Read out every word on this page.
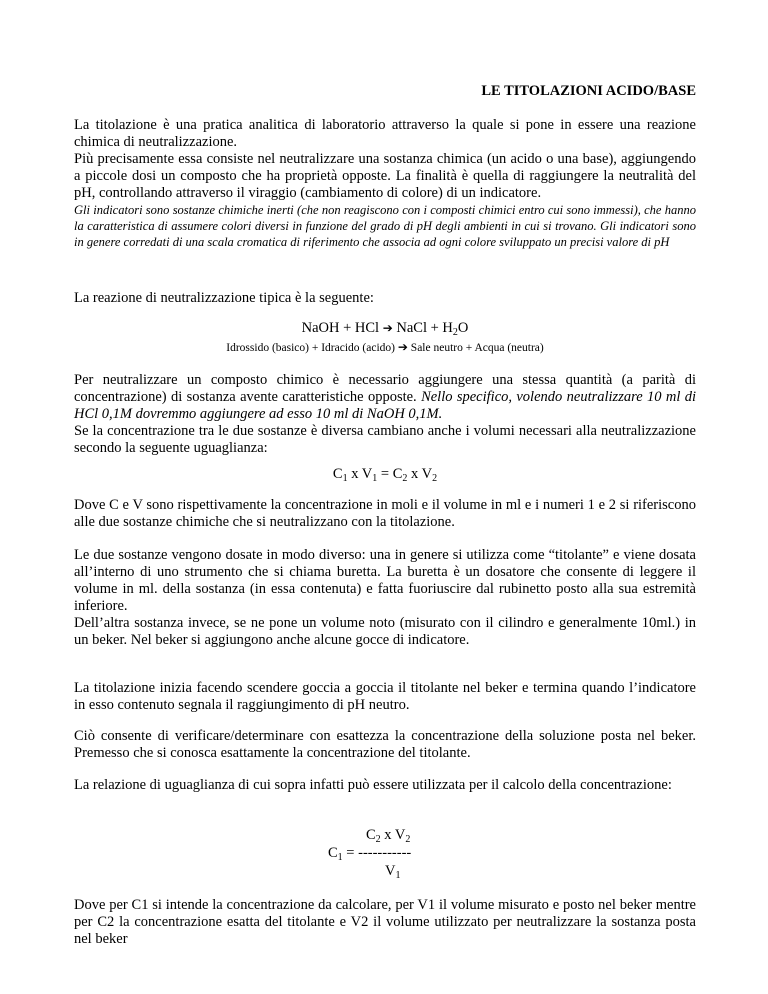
LE TITOLAZIONI ACIDO/BASE

La titolazione è una pratica analitica di laboratorio attraverso la quale si pone in essere una reazione chimica di neutralizzazione.

Più precisamente essa consiste nel neutralizzare una sostanza chimica (un acido o una base), aggiungendo a piccole dosi un composto che ha proprietà opposte. La finalità è quella di raggiungere la neutralità del pH, controllando attraverso il viraggio (cambiamento di colore) di un indicatore.

Gli indicatori sono sostanze chimiche inerti (che non reagiscono con i composti chimici entro cui sono immessi), che hanno la caratteristica di assumere colori diversi in funzione del grado di pH degli ambienti in cui si trovano. Gli indicatori sono in genere corredati di una scala cromatica di riferimento che associa ad ogni colore sviluppato un precisi valore di pH

La reazione di neutralizzazione tipica è la seguente:

NaOH + HCl ➔ NaCl + $H_2O$
Idrossido (basico) + Idracido (acido) ➔ Sale neutro + Acqua (neutra)

Per neutralizzare un composto chimico è necessario aggiungere una stessa quantità (a parità di concentrazione) di sostanza avente caratteristiche opposte. Nello specifico, volendo neutralizzare 10 ml di HCl 0,1M dovremmo aggiungere ad esso 10 ml di NaOH 0,1M.
Se la concentrazione tra le due sostanze è diversa cambiano anche i volumi necessari alla neutralizzazione secondo la seguente uguaglianza:

$C_1$ x $V_1 = C_2$ x $V_2$

Dove C e V sono rispettivamente la concentrazione in moli e il volume in ml e i numeri 1 e 2 si riferiscono alle due sostanze chimiche che si neutralizzano con la titolazione.

Le due sostanze vengono dosate in modo diverso: una in genere si utilizza come “titolante” e viene dosata all’interno di uno strumento che si chiama buretta. La buretta è un dosatore che consente di leggere il volume in ml. della sostanza (in essa contenuta) e fatta fuoriuscire dal rubinetto posto alla sua estremità inferiore.

Dell’altra sostanza invece, se ne pone un volume noto (misurato con il cilindro e generalmente 10ml.) in un beker. Nel beker si aggiungono anche alcune gocce di indicatore.

La titolazione inizia facendo scendere goccia a goccia il titolante nel beker e termina quando l’indicatore in esso contenuto segnala il raggiungimento di pH neutro.

Ciò consente di verificare/determinare con esattezza la concentrazione della soluzione posta nel beker. Premesso che si conosca esattamente la concentrazione del titolante.

La relazione di uguaglianza di cui sopra infatti può essere utilizzata per il calcolo della concentrazione:

$C_2$ x $V_2$
$C_1$ = -----------
$V_1$

Dove per C1 si intende la concentrazione da calcolare, per V1 il volume misurato e posto nel beker mentre per C2 la concentrazione esatta del titolante e V2 il volume utilizzato per neutralizzare la sostanza posta nel beker
